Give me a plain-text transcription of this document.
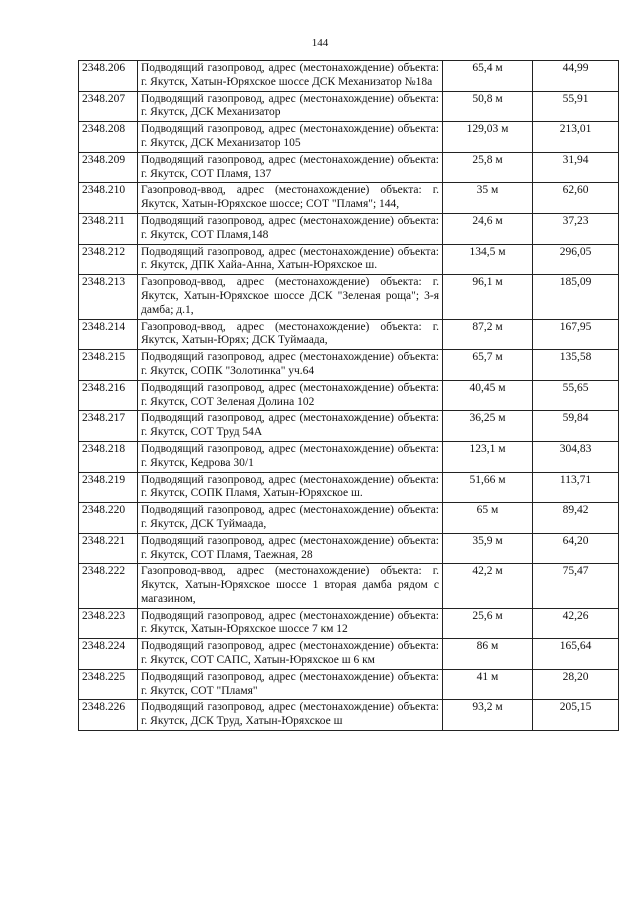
144
2348.206	Подводящий газопровод, адрес (местонахождение) объекта: г. Якутск, Хатын-Юряхское шоссе ДСК Механизатор №18а	65,4 м	44,99
2348.207	Подводящий газопровод, адрес (местонахождение) объекта: г. Якутск, ДСК Механизатор	50,8 м	55,91
2348.208	Подводящий газопровод, адрес (местонахождение) объекта: г. Якутск, ДСК Механизатор 105	129,03 м	213,01
2348.209	Подводящий газопровод, адрес (местонахождение) объекта: г. Якутск, СОТ Пламя, 137	25,8 м	31,94
2348.210	Газопровод-ввод, адрес (местонахождение) объекта: г. Якутск, Хатын-Юряхское шоссе; СОТ "Пламя"; 144,	35 м	62,60
2348.211	Подводящий газопровод, адрес (местонахождение) объекта: г. Якутск, СОТ Пламя,148	24,6 м	37,23
2348.212	Подводящий газопровод, адрес (местонахождение) объекта: г. Якутск, ДПК Хайа-Анна, Хатын-Юряхское ш.	134,5 м	296,05
2348.213	Газопровод-ввод, адрес (местонахождение) объекта: г. Якутск, Хатын-Юряхское шоссе ДСК "Зеленая роща"; 3-я дамба; д.1,	96,1 м	185,09
2348.214	Газопровод-ввод, адрес (местонахождение) объекта: г. Якутск, Хатын-Юрях; ДСК Туймаада,	87,2 м	167,95
2348.215	Подводящий газопровод, адрес (местонахождение) объекта: г. Якутск, СОПК "Золотинка" уч.64	65,7 м	135,58
2348.216	Подводящий газопровод, адрес (местонахождение) объекта: г. Якутск, СОТ Зеленая Долина 102	40,45 м	55,65
2348.217	Подводящий газопровод, адрес (местонахождение) объекта: г. Якутск, СОТ Труд 54А	36,25 м	59,84
2348.218	Подводящий газопровод, адрес (местонахождение) объекта: г. Якутск, Кедрова 30/1	123,1 м	304,83
2348.219	Подводящий газопровод, адрес (местонахождение) объекта: г. Якутск, СОПК Пламя, Хатын-Юряхское ш.	51,66 м	113,71
2348.220	Подводящий газопровод, адрес (местонахождение) объекта: г. Якутск, ДСК Туймаада,	65 м	89,42
2348.221	Подводящий газопровод, адрес (местонахождение) объекта: г. Якутск, СОТ Пламя, Таежная, 28	35,9 м	64,20
2348.222	Газопровод-ввод, адрес (местонахождение) объекта: г. Якутск, Хатын-Юряхское шоссе 1 вторая дамба рядом с магазином,	42,2 м	75,47
2348.223	Подводящий газопровод, адрес (местонахождение) объекта: г. Якутск, Хатын-Юряхское шоссе 7 км 12	25,6 м	42,26
2348.224	Подводящий газопровод, адрес (местонахождение) объекта: г. Якутск, СОТ САПС, Хатын-Юряхское ш 6 км	86 м	165,64
2348.225	Подводящий газопровод, адрес (местонахождение) объекта: г. Якутск, СОТ "Пламя"	41 м	28,20
2348.226	Подводящий газопровод, адрес (местонахождение) объекта: г. Якутск, ДСК Труд, Хатын-Юряхское ш	93,2 м	205,15
